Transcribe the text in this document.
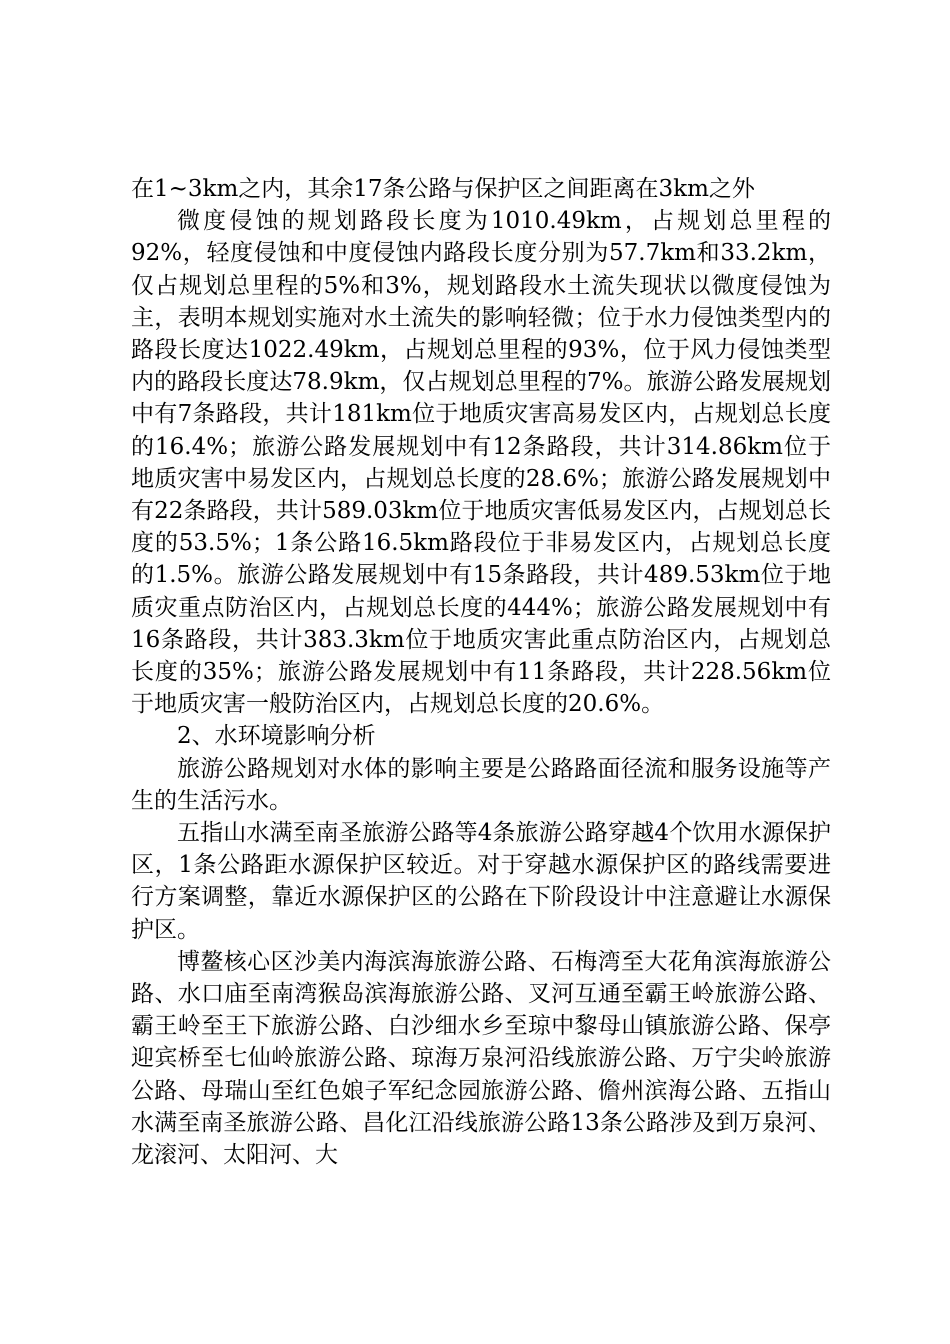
在1~3km之内，其余17条公路与保护区之间距离在3km之外

微度侵蚀的规划路段长度为1010.49km，占规划总里程的92%，轻度侵蚀和中度侵蚀内路段长度分别为57.7km和33.2km，仅占规划总里程的5%和3%，规划路段水土流失现状以微度侵蚀为主，表明本规划实施对水土流失的影响轻微；位于水力侵蚀类型内的路段长度达1022.49km，占规划总里程的93%，位于风力侵蚀类型内的路段长度达78.9km，仅占规划总里程的7%。旅游公路发展规划中有7条路段，共计181km位于地质灾害高易发区内，占规划总长度的16.4%；旅游公路发展规划中有12条路段，共计314.86km位于地质灾害中易发区内，占规划总长度的28.6%；旅游公路发展规划中有22条路段，共计589.03km位于地质灾害低易发区内，占规划总长度的53.5%；1条公路16.5km路段位于非易发区内，占规划总长度的1.5%。旅游公路发展规划中有15条路段，共计489.53km位于地质灾重点防治区内，占规划总长度的444%；旅游公路发展规划中有16条路段，共计383.3km位于地质灾害此重点防治区内，占规划总长度的35%；旅游公路发展规划中有11条路段，共计228.56km位于地质灾害一般防治区内，占规划总长度的20.6%。

2、水环境影响分析

旅游公路规划对水体的影响主要是公路路面径流和服务设施等产生的生活污水。

五指山水满至南圣旅游公路等4条旅游公路穿越4个饮用水源保护区，1条公路距水源保护区较近。对于穿越水源保护区的路线需要进行方案调整，靠近水源保护区的公路在下阶段设计中注意避让水源保护区。

博鳌核心区沙美内海滨海旅游公路、石梅湾至大花角滨海旅游公路、水口庙至南湾猴岛滨海旅游公路、叉河互通至霸王岭旅游公路、霸王岭至王下旅游公路、白沙细水乡至琼中黎母山镇旅游公路、保亭迎宾桥至七仙岭旅游公路、琼海万泉河沿线旅游公路、万宁尖岭旅游公路、母瑞山至红色娘子军纪念园旅游公路、儋州滨海公路、五指山水满至南圣旅游公路、昌化江沿线旅游公路13条公路涉及到万泉河、龙滚河、太阳河、大
